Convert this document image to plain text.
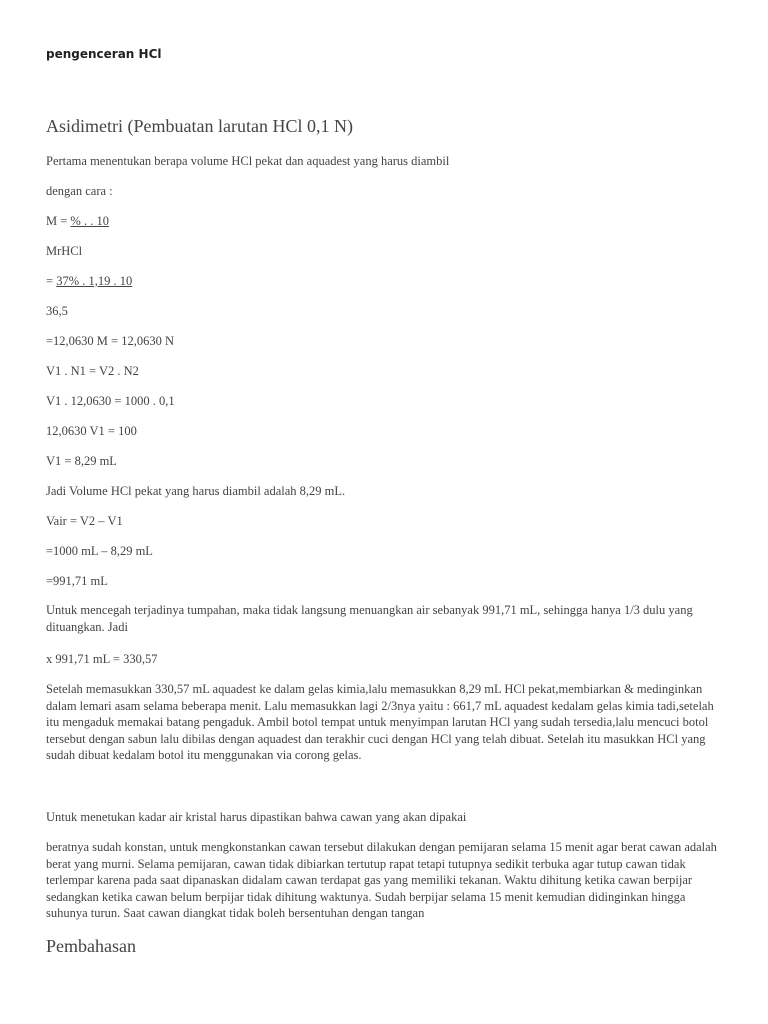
pengenceran HCl

Asidimetri (Pembuatan larutan HCl 0,1 N)

Pertama menentukan berapa volume HCl pekat dan aquadest yang harus diambil

dengan cara :

M = % . . 10

MrHCl

= 37% . 1,19 . 10

36,5

=12,0630 M = 12,0630 N

V1 . N1 = V2 . N2

V1 . 12,0630 = 1000 . 0,1

12,0630 V1 = 100

V1 = 8,29 mL

Jadi Volume HCl pekat yang harus diambil adalah 8,29 mL.

Vair = V2 – V1

=1000 mL – 8,29 mL

=991,71 mL

Untuk mencegah terjadinya tumpahan, maka tidak langsung menuangkan air sebanyak 991,71 mL, sehingga hanya 1/3 dulu yang dituangkan. Jadi

x 991,71 mL = 330,57

Setelah memasukkan 330,57 mL aquadest ke dalam gelas kimia,lalu memasukkan 8,29 mL HCl pekat,membiarkan & medinginkan dalam lemari asam selama beberapa menit. Lalu memasukkan lagi 2/3nya yaitu : 661,7 mL aquadest kedalam gelas kimia tadi,setelah itu mengaduk memakai batang pengaduk. Ambil botol tempat untuk menyimpan larutan HCl yang sudah tersedia,lalu mencuci botol tersebut dengan sabun lalu dibilas dengan aquadest dan terakhir cuci dengan HCl yang telah dibuat. Setelah itu masukkan HCl yang sudah dibuat kedalam botol itu menggunakan via corong gelas.

Untuk menetukan kadar air kristal harus dipastikan bahwa cawan yang akan dipakai

beratnya sudah konstan, untuk mengkonstankan cawan tersebut dilakukan dengan pemijaran selama 15 menit agar berat cawan adalah berat yang murni. Selama pemijaran, cawan tidak dibiarkan tertutup rapat tetapi tutupnya sedikit terbuka agar tutup cawan tidak terlempar karena pada saat dipanaskan didalam cawan terdapat gas yang memiliki tekanan. Waktu dihitung ketika cawan berpijar sedangkan ketika cawan belum berpijar tidak dihitung waktunya. Sudah berpijar selama 15 menit kemudian didinginkan hingga suhunya turun. Saat cawan diangkat tidak boleh bersentuhan dengan tangan

Pembahasan
